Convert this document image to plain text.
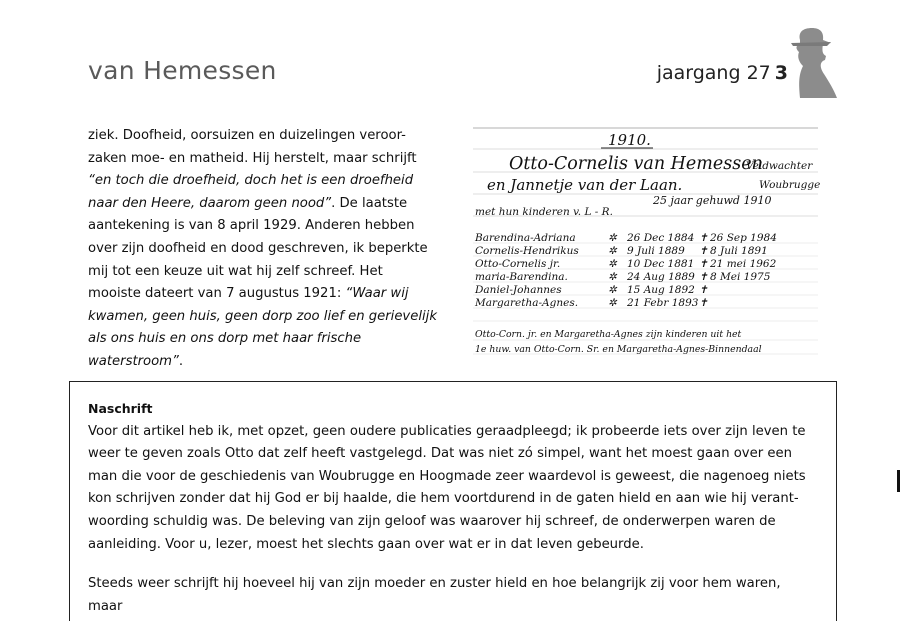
van Hemessen	jaargang 27 3
ziek. Doofheid, oorsuizen en duizelingen veroor-zaken moe- en matheid. Hij herstelt, maar schrijft “en toch die droefheid, doch het is een droefheid naar den Heere, daarom geen nood”. De laatste aantekening is van 8 april 1929. Anderen hebben over zijn doofheid en dood geschreven, ik beperkte mij tot een keuze uit wat hij zelf schreef. Het mooiste dateert van 7 augustus 1921: “Waar wij kwamen, geen huis, geen dorp zoo lief en gerievelijk als ons huis en ons dorp met haar frische waterstroom”.
1910.
Otto-Cornelis van Hemessen
Veldwachter
en Jannetje van der Laan.	Woubrugge
25 jaar gehuwd 1910
met hun kinderen v. L - R.
Barendina-Adriana	✲ 26 Dec 1884 ✝ 26 Sep 1984
Cornelis-Hendrikus	✲ 9 Juli 1889 ✝ 8 Juli 1891
Otto-Cornelis jr.	✲ 10 Dec 1881 ✝ 21 mei 1962
maria-Barendina.	✲ 24 Aug 1889 ✝ 8 Mei 1975
Daniel-Johannes	✲ 15 Aug 1892 ✝
Margaretha-Agnes.	✲ 21 Febr 1893 ✝
Otto-Corn. jr. en Margaretha-Agnes zijn kinderen uit het
1e huw. van Otto-Corn. Sr. en Margaretha-Agnes-Binnendaal
Naschrift
Voor dit artikel heb ik, met opzet, geen oudere publicaties geraadpleegd; ik probeerde iets over zijn leven te weer te geven zoals Otto dat zelf heeft vastgelegd. Dat was niet zó simpel, want het moest gaan over een man die voor de geschiedenis van Woubrugge en Hoogmade zeer waardevol is geweest, die nagenoeg niets kon schrijven zonder dat hij God er bij haalde, die hem voortdurend in de gaten hield en aan wie hij verant-woording schuldig was. De beleving van zijn geloof was waarover hij schreef, de onderwerpen waren de aanleiding. Voor u, lezer, moest het slechts gaan over wat er in dat leven gebeurde.
Steeds weer schrijft hij hoeveel hij van zijn moeder en zuster hield en hoe belangrijk zij voor hem waren, maar
